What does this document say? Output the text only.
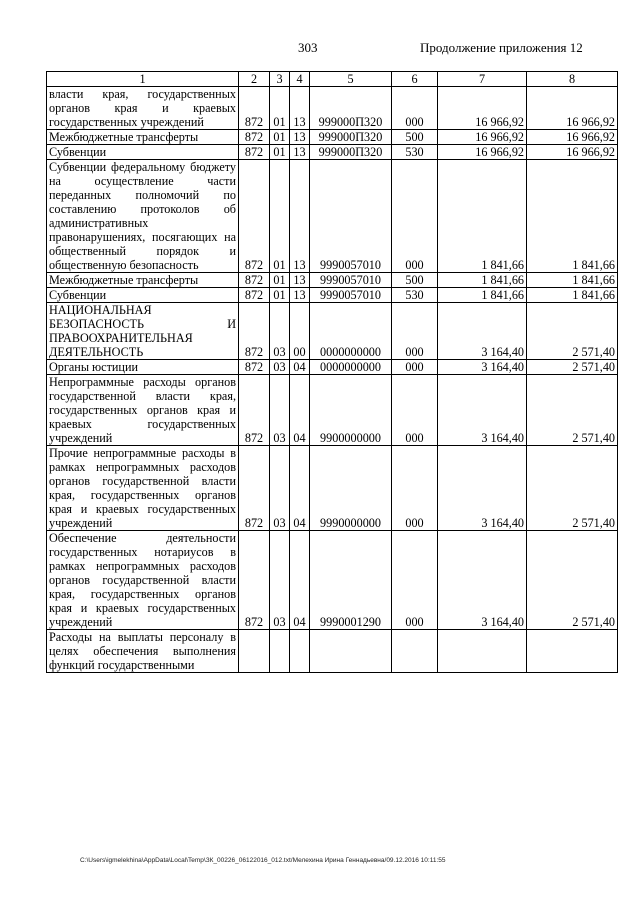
303	Продолжение приложения 12
1	2	3	4	5	6	7	8
власти края, государственных органов края и краевых государственных учреждений	872	01	13	999000П320	000	16 966,92	16 966,92
Межбюджетные трансферты	872	01	13	999000П320	500	16 966,92	16 966,92
Субвенции	872	01	13	999000П320	530	16 966,92	16 966,92
Субвенции федеральному бюджету на осуществление части переданных полномочий по составлению протоколов об административных правонарушениях, посягающих на общественный порядок и общественную безопасность	872	01	13	9990057010	000	1 841,66	1 841,66
Межбюджетные трансферты	872	01	13	9990057010	500	1 841,66	1 841,66
Субвенции	872	01	13	9990057010	530	1 841,66	1 841,66
НАЦИОНАЛЬНАЯ БЕЗОПАСНОСТЬ И ПРАВООХРАНИТЕЛЬНАЯ ДЕЯТЕЛЬНОСТЬ	872	03	00	0000000000	000	3 164,40	2 571,40
Органы юстиции	872	03	04	0000000000	000	3 164,40	2 571,40
Непрограммные расходы органов государственной власти края, государственных органов края и краевых государственных учреждений	872	03	04	9900000000	000	3 164,40	2 571,40
Прочие непрограммные расходы в рамках непрограммных расходов органов государственной власти края, государственных органов края и краевых государственных учреждений	872	03	04	9990000000	000	3 164,40	2 571,40
Обеспечение деятельности государственных нотариусов в рамках непрограммных расходов органов государственной власти края, государственных органов края и краевых государственных учреждений	872	03	04	9990001290	000	3 164,40	2 571,40
Расходы на выплаты персоналу в целях обеспечения выполнения функций государственными							
C:\Users\igmelekhina\AppData\Local\Temp\ЗК_00226_06122016_012.txt/Мелехина Ирина Геннадьевна/09.12.2016 10:11:55
